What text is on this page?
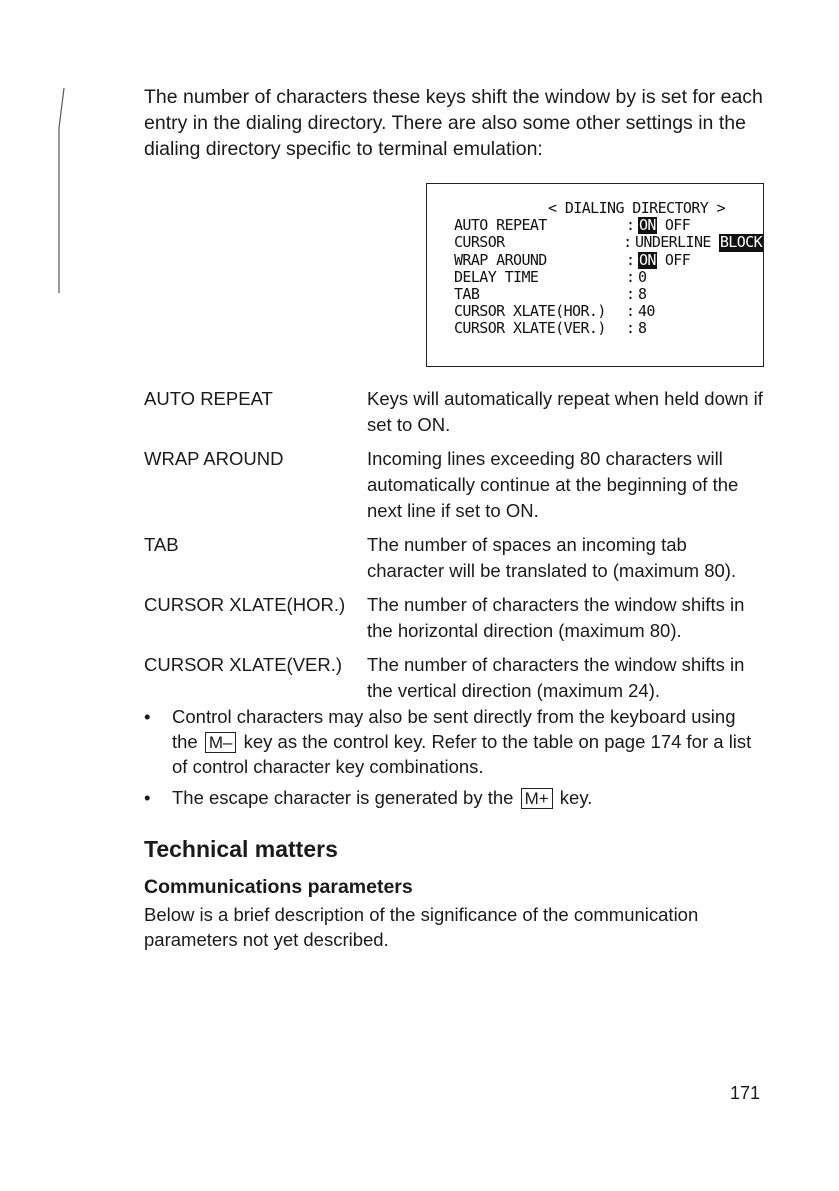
The number of characters these keys shift the window by is set for each entry in the dialing directory. There are also some other settings in the dialing directory specific to terminal emulation:

< DIALING DIRECTORY >
AUTO REPEAT	: ON OFF
CURSOR	: UNDERLINE BLOCK
WRAP AROUND	: ON OFF
DELAY TIME	: 0
TAB	: 8
CURSOR XLATE(HOR.)	: 40
CURSOR XLATE(VER.)	: 8
AUTO REPEAT	Keys will automatically repeat when held down if set to ON.
WRAP AROUND	Incoming lines exceeding 80 characters will automatically continue at the beginning of the next line if set to ON.
TAB	The number of spaces an incoming tab character will be translated to (maximum 80).
CURSOR XLATE(HOR.)	The number of characters the window shifts in the horizontal direction (maximum 80).
CURSOR XLATE(VER.)	The number of characters the window shifts in the vertical direction (maximum 24).
• Control characters may also be sent directly from the keyboard using the M– key as the control key. Refer to the table on page 174 for a list of control character key combinations.
• The escape character is generated by the M+ key.
Technical matters
Communications parameters

Below is a brief description of the significance of the communication parameters not yet described.

171
